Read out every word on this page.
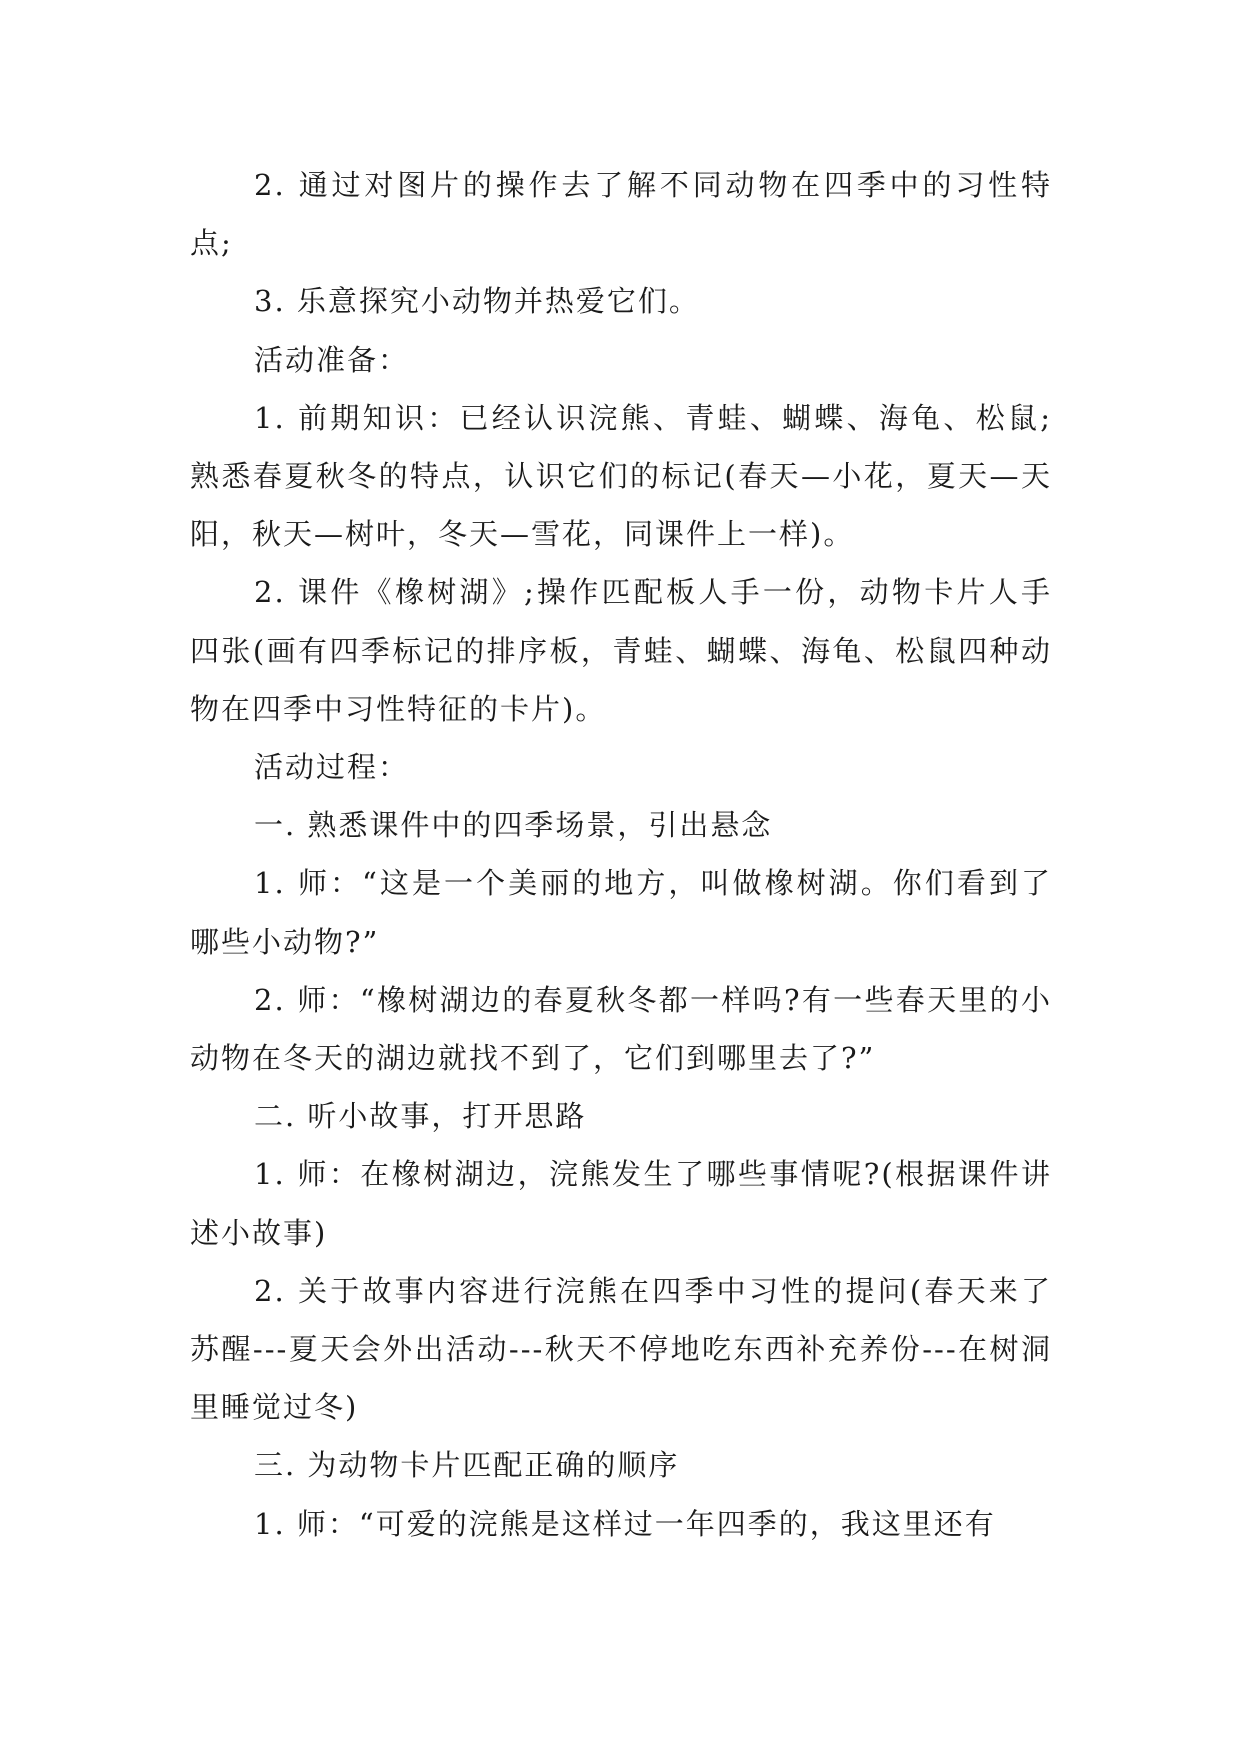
2. 通过对图片的操作去了解不同动物在四季中的习性特点;

3. 乐意探究小动物并热爱它们。

活动准备：

1. 前期知识：已经认识浣熊、青蛙、蝴蝶、海龟、松鼠;熟悉春夏秋冬的特点，认识它们的标记(春天—小花，夏天—天阳，秋天—树叶，冬天—雪花，同课件上一样)。

2. 课件《橡树湖》;操作匹配板人手一份，动物卡片人手四张(画有四季标记的排序板，青蛙、蝴蝶、海龟、松鼠四种动物在四季中习性特征的卡片)。

活动过程：

一. 熟悉课件中的四季场景，引出悬念

1. 师：“这是一个美丽的地方，叫做橡树湖。你们看到了哪些小动物?”

2. 师：“橡树湖边的春夏秋冬都一样吗?有一些春天里的小动物在冬天的湖边就找不到了，它们到哪里去了?”

二. 听小故事，打开思路

1. 师：在橡树湖边，浣熊发生了哪些事情呢?(根据课件讲述小故事)

2. 关于故事内容进行浣熊在四季中习性的提问(春天来了苏醒---夏天会外出活动---秋天不停地吃东西补充养份---在树洞里睡觉过冬)

三. 为动物卡片匹配正确的顺序

1. 师：“可爱的浣熊是这样过一年四季的，我这里还有
